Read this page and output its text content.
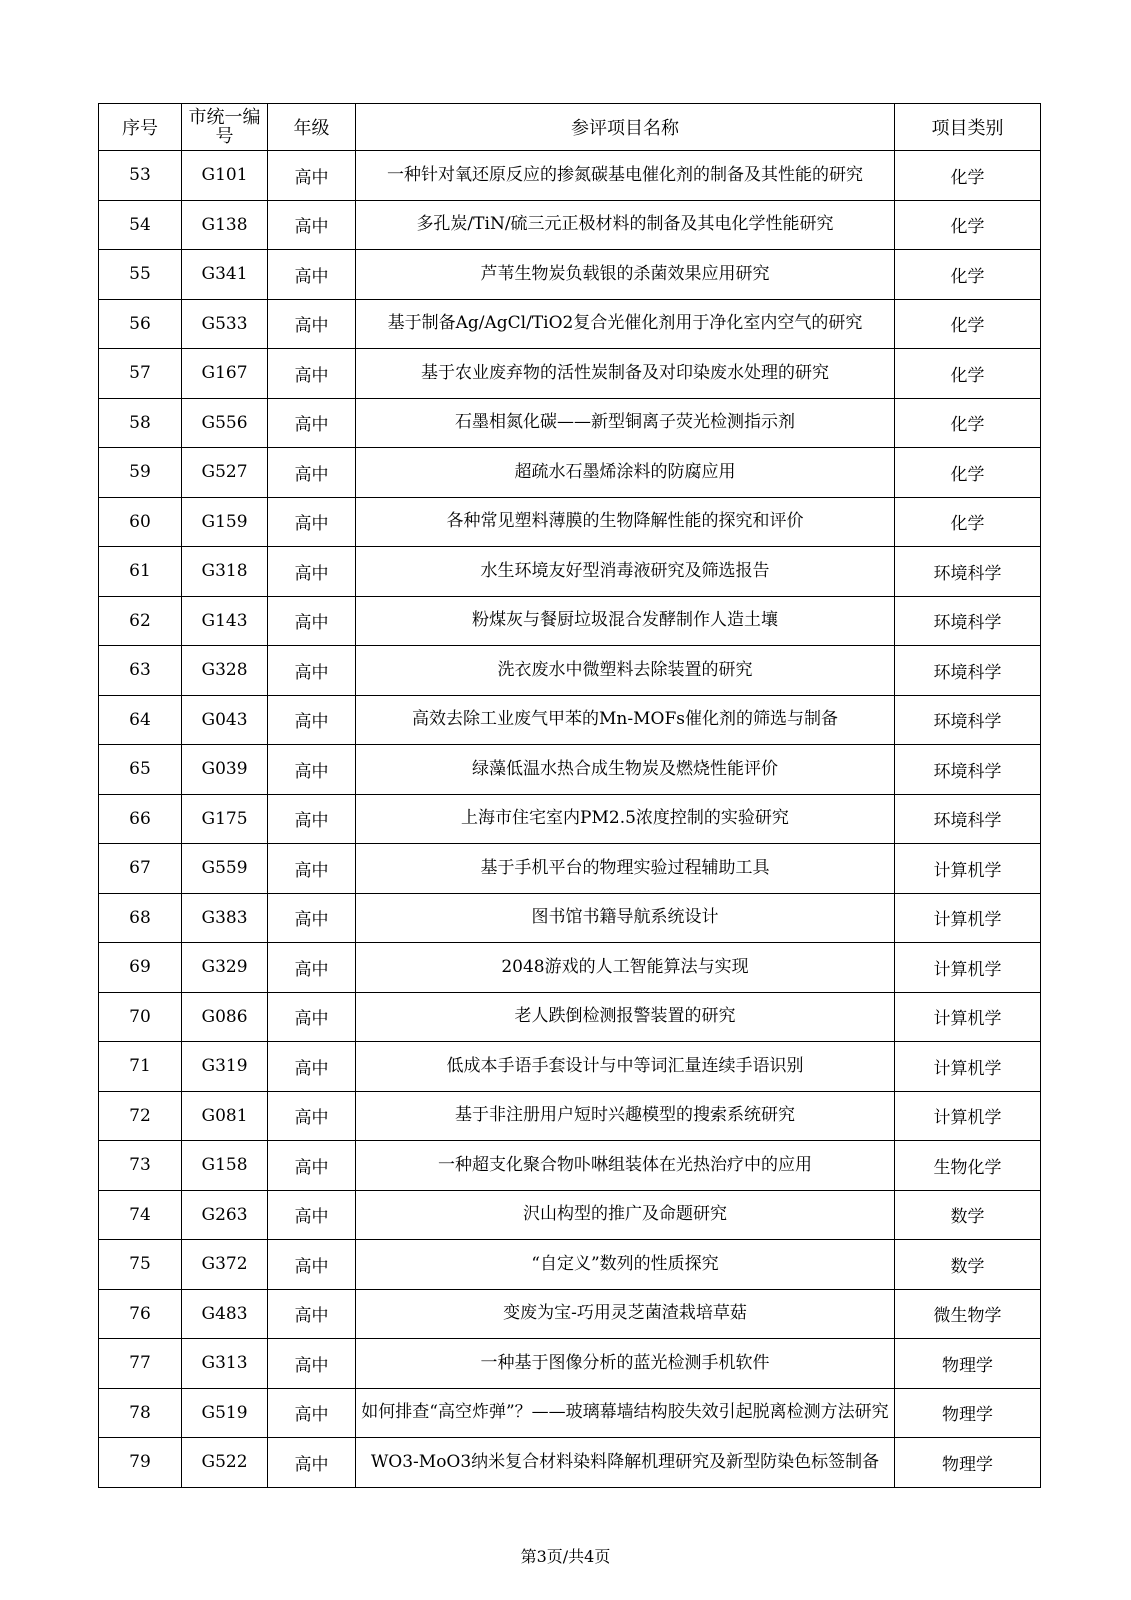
序号	市统一编号	年级	参评项目名称	项目类别
53	G101	高中	一种针对氧还原反应的掺氮碳基电催化剂的制备及其性能的研究	化学
54	G138	高中	多孔炭/TiN/硫三元正极材料的制备及其电化学性能研究	化学
55	G341	高中	芦苇生物炭负载银的杀菌效果应用研究	化学
56	G533	高中	基于制备Ag/AgCl/TiO2复合光催化剂用于净化室内空气的研究	化学
57	G167	高中	基于农业废弃物的活性炭制备及对印染废水处理的研究	化学
58	G556	高中	石墨相氮化碳——新型铜离子荧光检测指示剂	化学
59	G527	高中	超疏水石墨烯涂料的防腐应用	化学
60	G159	高中	各种常见塑料薄膜的生物降解性能的探究和评价	化学
61	G318	高中	水生环境友好型消毒液研究及筛选报告	环境科学
62	G143	高中	粉煤灰与餐厨垃圾混合发酵制作人造土壤	环境科学
63	G328	高中	洗衣废水中微塑料去除装置的研究	环境科学
64	G043	高中	高效去除工业废气甲苯的Mn-MOFs催化剂的筛选与制备	环境科学
65	G039	高中	绿藻低温水热合成生物炭及燃烧性能评价	环境科学
66	G175	高中	上海市住宅室内PM2.5浓度控制的实验研究	环境科学
67	G559	高中	基于手机平台的物理实验过程辅助工具	计算机学
68	G383	高中	图书馆书籍导航系统设计	计算机学
69	G329	高中	2048游戏的人工智能算法与实现	计算机学
70	G086	高中	老人跌倒检测报警装置的研究	计算机学
71	G319	高中	低成本手语手套设计与中等词汇量连续手语识别	计算机学
72	G081	高中	基于非注册用户短时兴趣模型的搜索系统研究	计算机学
73	G158	高中	一种超支化聚合物卟啉组装体在光热治疗中的应用	生物化学
74	G263	高中	沢山构型的推广及命题研究	数学
75	G372	高中	“自定义”数列的性质探究	数学
76	G483	高中	变废为宝-巧用灵芝菌渣栽培草菇	微生物学
77	G313	高中	一种基于图像分析的蓝光检测手机软件	物理学
78	G519	高中	如何排查“高空炸弹”？——玻璃幕墙结构胶失效引起脱离检测方法研究	物理学
79	G522	高中	WO3-MoO3纳米复合材料染料降解机理研究及新型防染色标签制备	物理学
第3页/共4页
